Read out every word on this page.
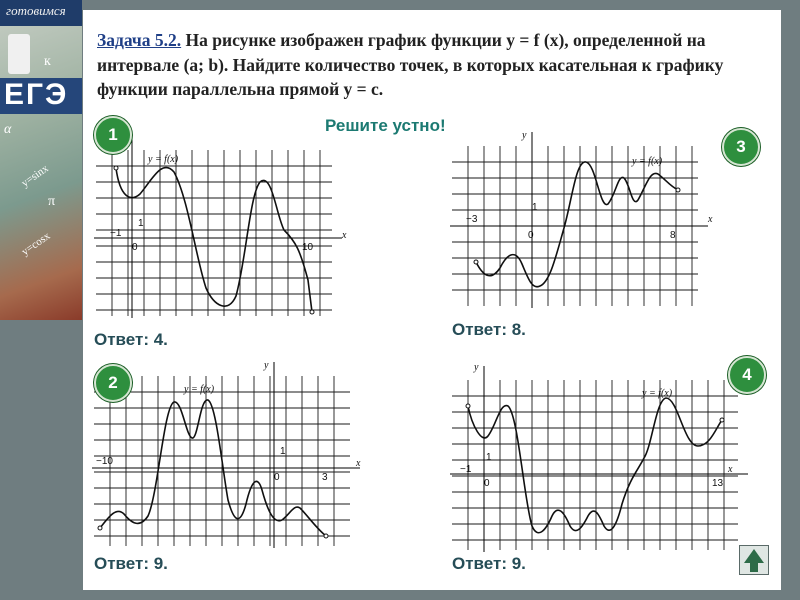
готовимся
к
ЕГЭ
α
y=sinx
π
y=cosx
Задача 5.2. На рисунке изображен график функции y = f (x), определенной на интервале (a; b). Найдите количество точек, в которых касательная к графику функции параллельна прямой y = c.
Решите устно!
y = f(x)
x
−1
1
0	10
y = f(x)
y
x
−3
1
0	8
y = f(x)
y
x
−10
1
0	3
y = f(x)
y
x
−1
1
0	13
1
3
2	4
Ответ: 4.
Ответ: 8.
Ответ: 9.	Ответ: 9.
